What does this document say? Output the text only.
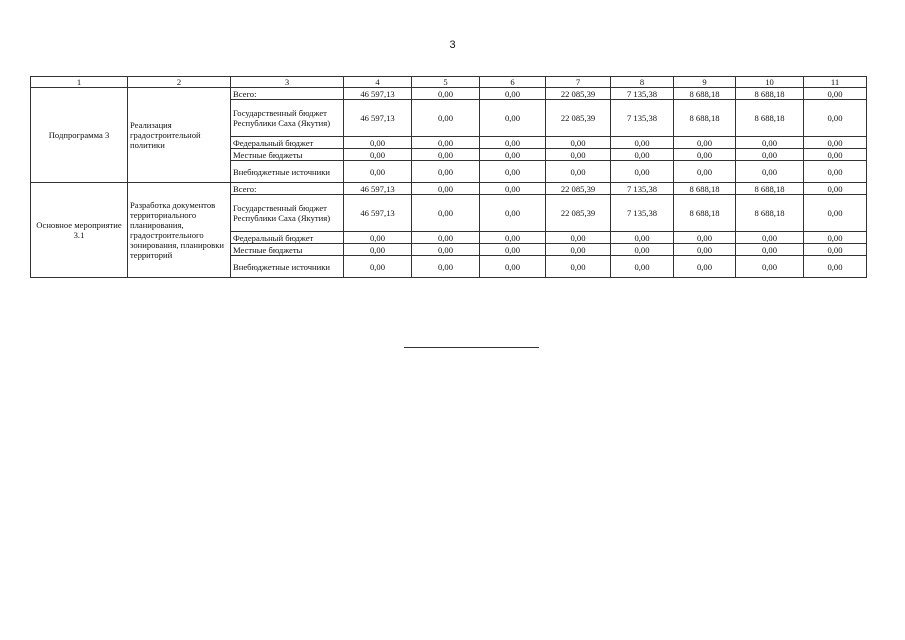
3
1	2	3	4	5	6	7	8	9	10	11
Подпрограмма 3	Реализация градостроительной политики	Всего:	46 597,13	0,00	0,00	22 085,39	7 135,38	8 688,18	8 688,18	0,00
		Государственный бюджет Республики Саха (Якутия)	46 597,13	0,00	0,00	22 085,39	7 135,38	8 688,18	8 688,18	0,00
		Федеральный бюджет	0,00	0,00	0,00	0,00	0,00	0,00	0,00	0,00
		Местные бюджеты	0,00	0,00	0,00	0,00	0,00	0,00	0,00	0,00
		Внебюджетные источники	0,00	0,00	0,00	0,00	0,00	0,00	0,00	0,00
Основное мероприятие 3.1	Разработка документов территориального планирования, градостроительного зонирования, планировки территорий	Всего:	46 597,13	0,00	0,00	22 085,39	7 135,38	8 688,18	8 688,18	0,00
		Государственный бюджет Республики Саха (Якутия)	46 597,13	0,00	0,00	22 085,39	7 135,38	8 688,18	8 688,18	0,00
		Федеральный бюджет	0,00	0,00	0,00	0,00	0,00	0,00	0,00	0,00
		Местные бюджеты	0,00	0,00	0,00	0,00	0,00	0,00	0,00	0,00
		Внебюджетные источники	0,00	0,00	0,00	0,00	0,00	0,00	0,00	0,00
